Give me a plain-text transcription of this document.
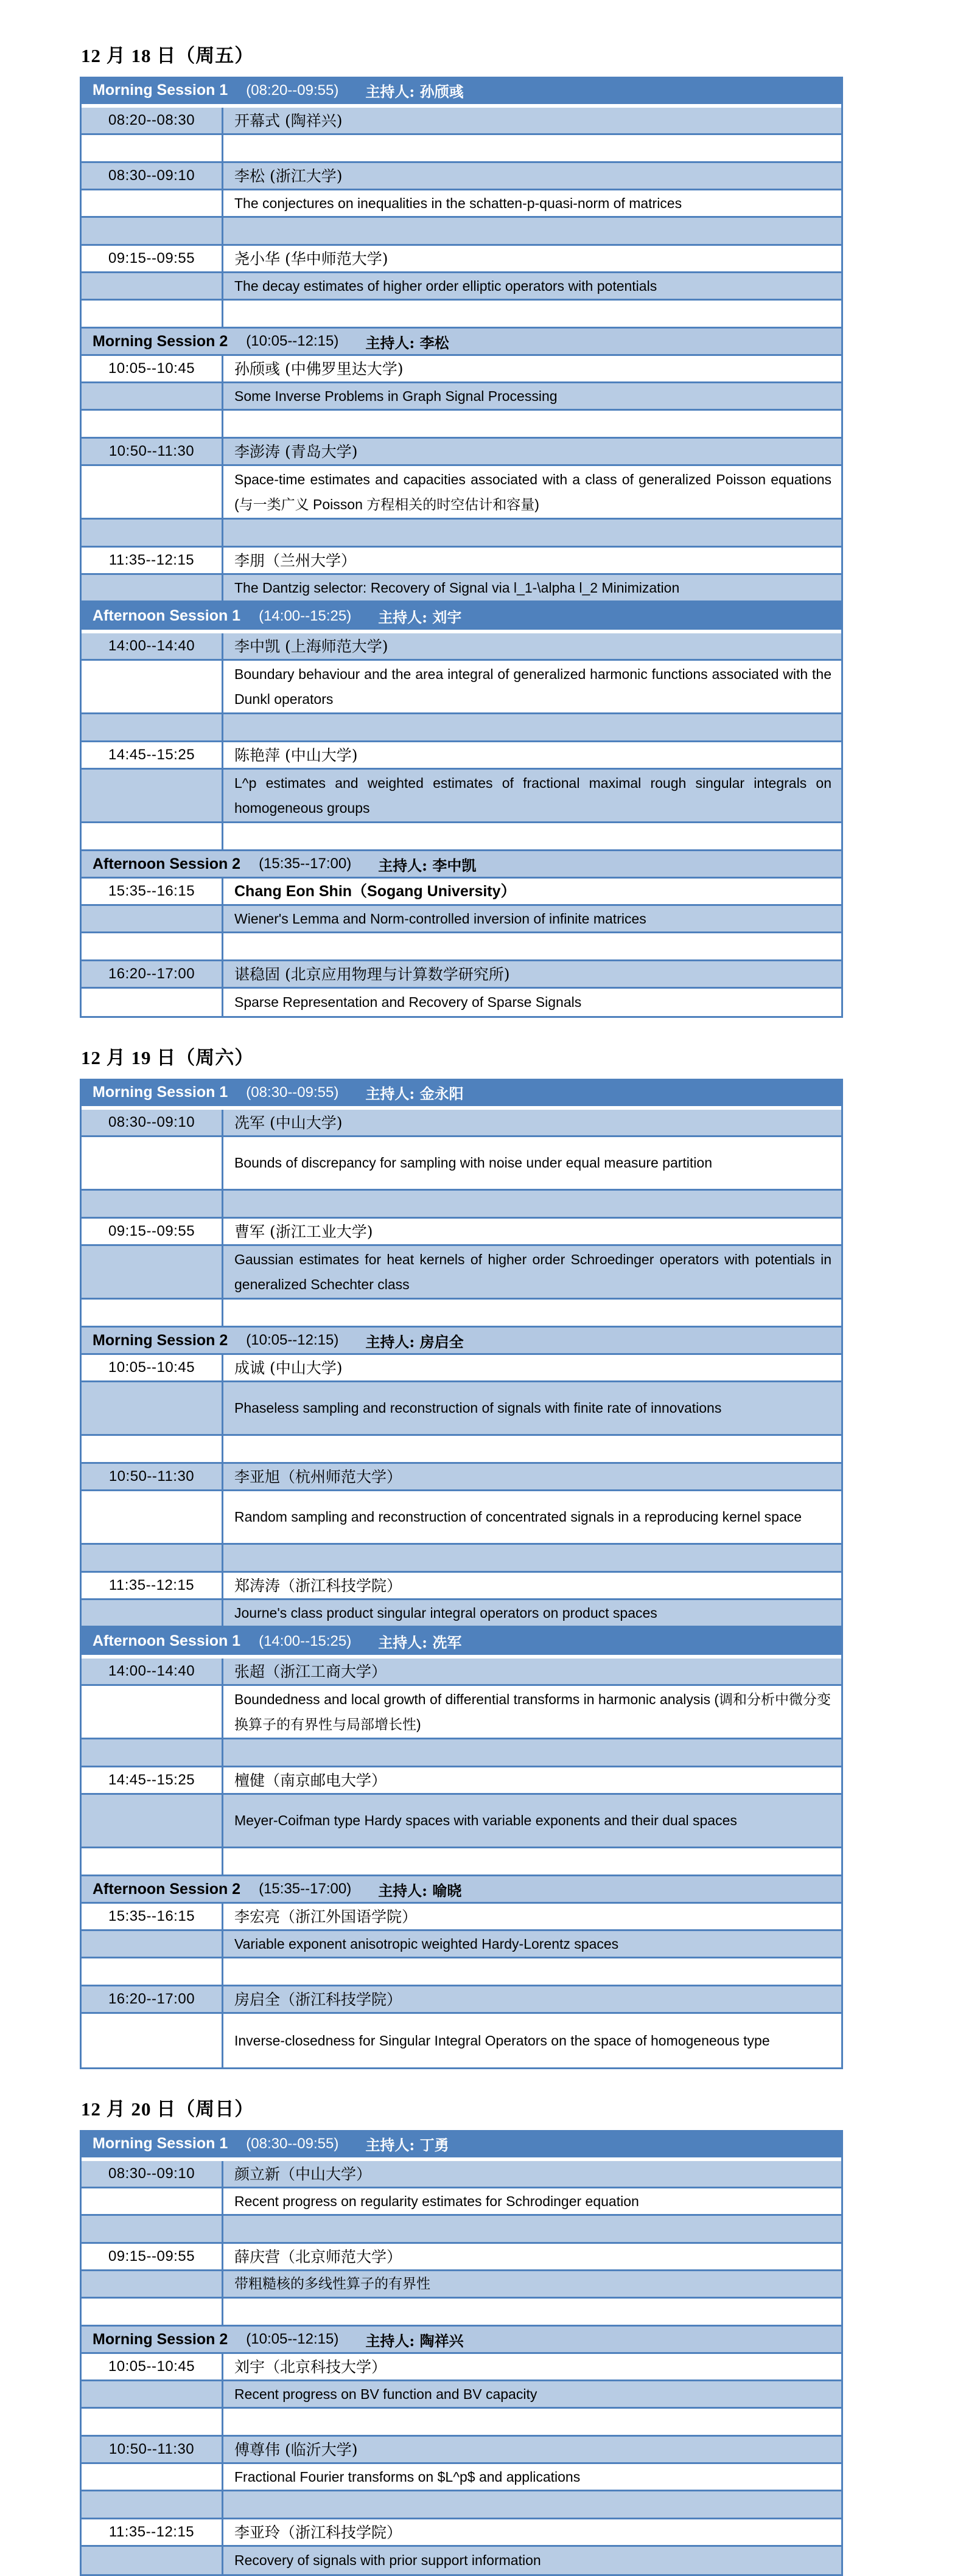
12 月 18 日（周五）
Morning Session 1 (08:20--09:55) 主持人: 孙颀彧
08:20--08:30	开幕式 (陶祥兴)
08:30--09:10	李松 (浙江大学)
The conjectures on inequalities in the schatten-p-quasi-norm of matrices
09:15--09:55	尧小华 (华中师范大学)
The decay estimates of higher order elliptic operators with potentials
Morning Session 2 (10:05--12:15) 主持人: 李松
10:05--10:45	孙颀彧 (中佛罗里达大学)
Some Inverse Problems in Graph Signal Processing
10:50--11:30	李澎涛 (青岛大学)
Space-time estimates and capacities associated with a class of generalized Poisson equations (与一类广义 Poisson 方程相关的时空估计和容量)
11:35--12:15	李朋（兰州大学）
The Dantzig selector: Recovery of Signal via l_1-\alpha l_2 Minimization
Afternoon Session 1 (14:00--15:25) 主持人: 刘宇
14:00--14:40	李中凯 (上海师范大学)
Boundary behaviour and the area integral of generalized harmonic functions associated with the Dunkl operators
14:45--15:25	陈艳萍 (中山大学)
L^p estimates and weighted estimates of fractional maximal rough singular integrals on homogeneous groups
Afternoon Session 2 (15:35--17:00) 主持人: 李中凯
15:35--16:15	Chang Eon Shin（Sogang University）
Wiener's Lemma and Norm-controlled inversion of infinite matrices
16:20--17:00	谌稳固 (北京应用物理与计算数学研究所)
Sparse Representation and Recovery of Sparse Signals
12 月 19 日（周六）
Morning Session 1 (08:30--09:55) 主持人: 金永阳
08:30--09:10	冼军 (中山大学)
Bounds of discrepancy for sampling with noise under equal measure partition
09:15--09:55	曹军 (浙江工业大学)
Gaussian estimates for heat kernels of higher order Schroedinger operators with potentials in generalized Schechter class
Morning Session 2 (10:05--12:15) 主持人: 房启全
10:05--10:45	成诚 (中山大学)
Phaseless sampling and reconstruction of signals with finite rate of innovations
10:50--11:30	李亚旭（杭州师范大学）
Random sampling and reconstruction of concentrated signals in a reproducing kernel space
11:35--12:15	郑涛涛（浙江科技学院）
Journe's class product singular integral operators on product spaces
Afternoon Session 1 (14:00--15:25) 主持人: 冼军
14:00--14:40	张超（浙江工商大学）
Boundedness and local growth of differential transforms in harmonic analysis (调和分析中微分变换算子的有界性与局部增长性)
14:45--15:25	檀健（南京邮电大学）
Meyer-Coifman type Hardy spaces with variable exponents and their dual spaces
Afternoon Session 2 (15:35--17:00) 主持人: 喻晓
15:35--16:15	李宏亮（浙江外国语学院）
Variable exponent anisotropic weighted Hardy-Lorentz spaces
16:20--17:00	房启全（浙江科技学院）
Inverse-closedness for Singular Integral Operators on the space of homogeneous type
12 月 20 日（周日）
Morning Session 1 (08:30--09:55) 主持人: 丁勇
08:30--09:10	颜立新（中山大学）
Recent progress on regularity estimates for Schrodinger equation
09:15--09:55	薛庆营（北京师范大学）
带粗糙核的多线性算子的有界性
Morning Session 2 (10:05--12:15) 主持人: 陶祥兴
10:05--10:45	刘宇（北京科技大学）
Recent progress on BV function and BV capacity
10:50--11:30	傅尊伟 (临沂大学)
Fractional Fourier transforms on $L^p$ and applications
11:35--12:15	李亚玲（浙江科技学院）
Recovery of signals with prior support information
